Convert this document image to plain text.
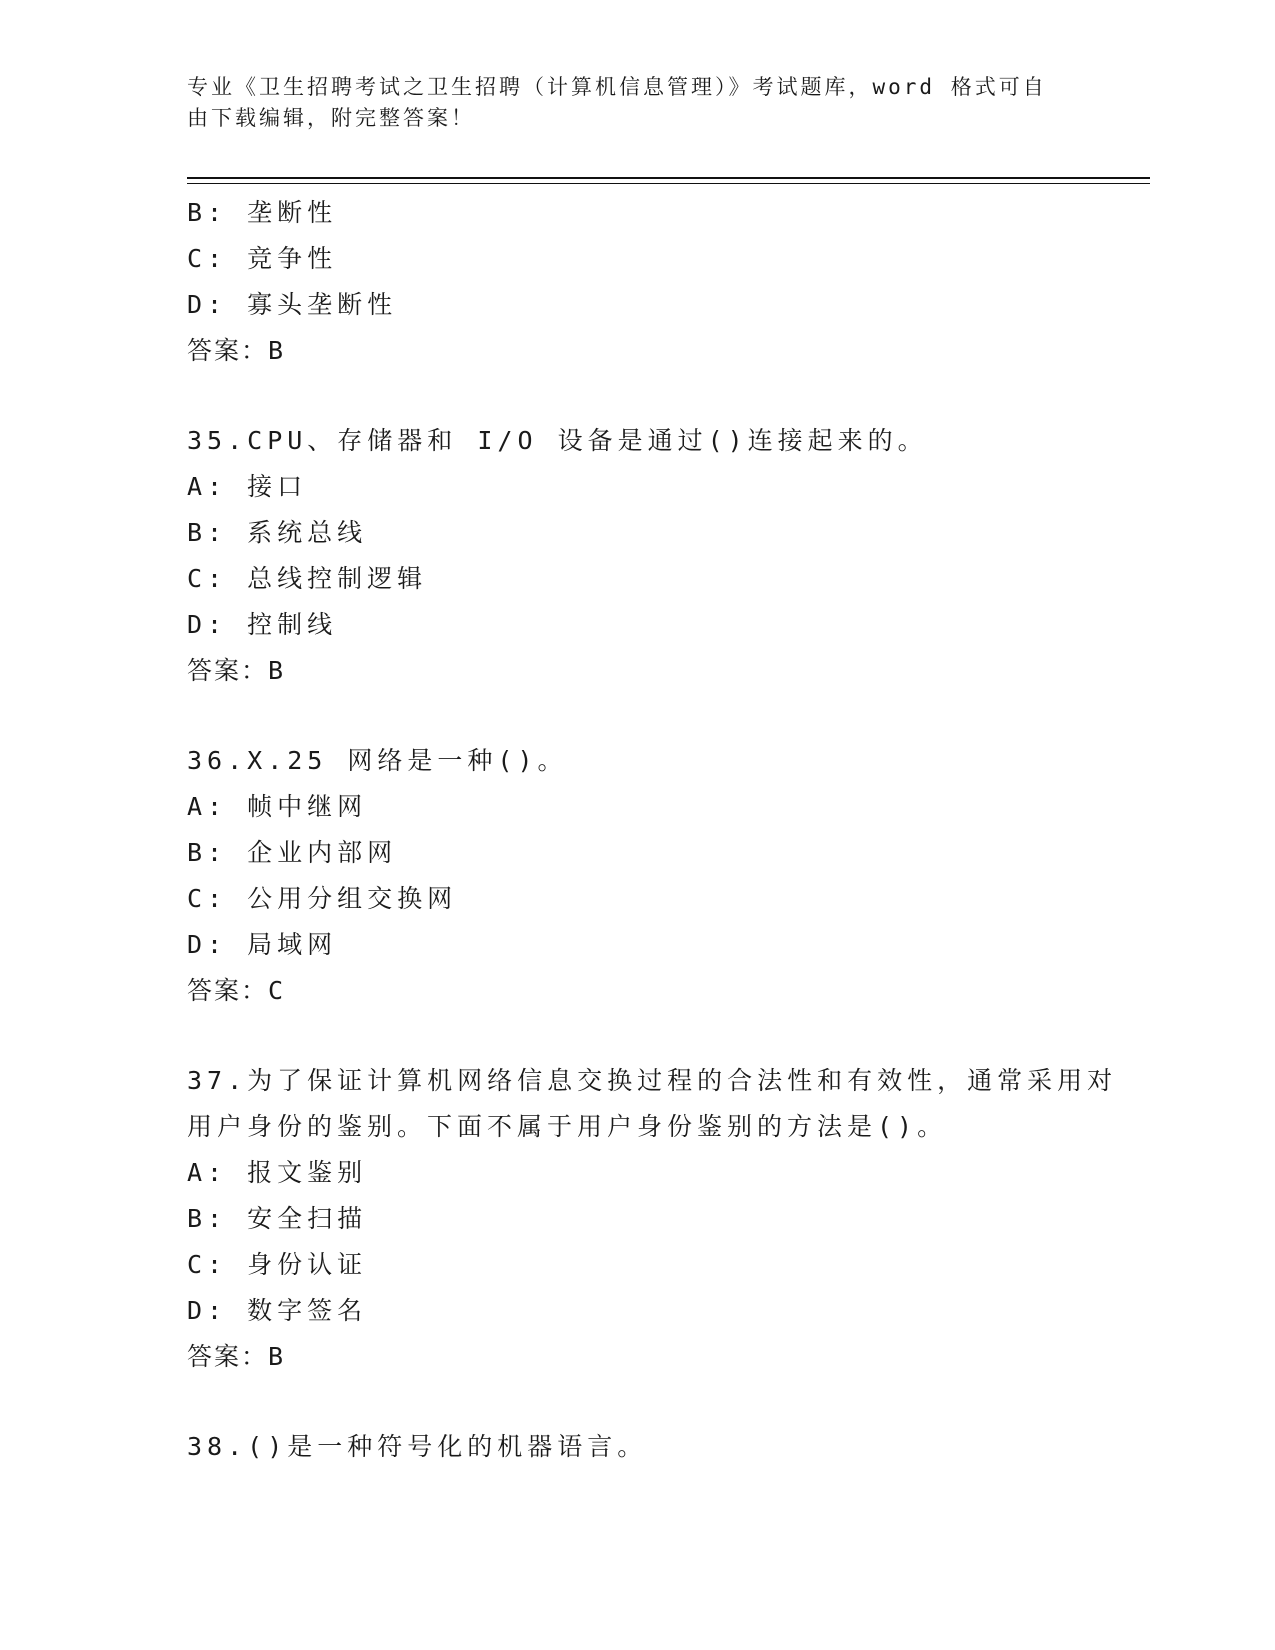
专业《卫生招聘考试之卫生招聘（计算机信息管理）》考试题库，word 格式可自
由下载编辑，附完整答案！
B: 垄断性
C: 竞争性
D: 寡头垄断性
答案：B
35.CPU、存储器和 I/O 设备是通过()连接起来的。
A: 接口
B: 系统总线
C: 总线控制逻辑
D: 控制线
答案：B
36.X.25 网络是一种()。
A: 帧中继网
B: 企业内部网
C: 公用分组交换网
D: 局域网
答案：C
37.为了保证计算机网络信息交换过程的合法性和有效性，通常采用对
用户身份的鉴别。下面不属于用户身份鉴别的方法是()。
A: 报文鉴别
B: 安全扫描
C: 身份认证
D: 数字签名
答案：B
38.()是一种符号化的机器语言。
